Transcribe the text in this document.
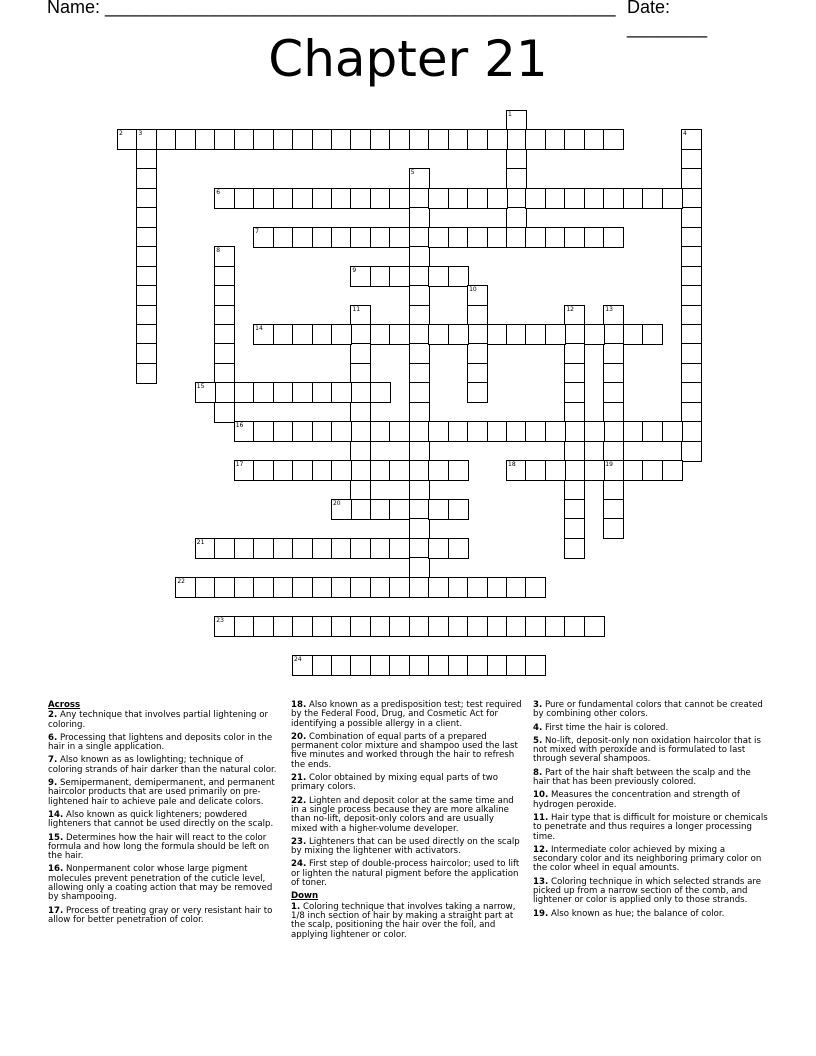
Name: ___________________________________________________ Date: ________
Chapter 21
1
2	3	4
5
6
7
8
9
10
11	12	13
19
14
15
16
17	18
20
21
22
23
24
Across
2. Any technique that involves partial lightening or coloring.
6. Processing that lightens and deposits color in the hair in a single application.
7. Also known as as lowlighting; technique of coloring strands of hair darker than the natural color.
9. Semipermanent, demipermanent, and permanent haircolor products that are used primarily on pre-lightened hair to achieve pale and delicate colors.
14. Also known as quick lighteners; powdered lighteners that cannot be used directly on the scalp.
15. Determines how the hair will react to the color formula and how long the formula should be left on the hair.
16. Nonpermanent color whose large pigment molecules prevent penetration of the cuticle level, allowing only a coating action that may be removed by shampooing.
17. Process of treating gray or very resistant hair to allow for better penetration of color.
18. Also known as a predisposition test; test required by the Federal Food, Drug, and Cosmetic Act for identifying a possible allergy in a client.
20. Combination of equal parts of a prepared permanent color mixture and shampoo used the last five minutes and worked through the hair to refresh the ends.
21. Color obtained by mixing equal parts of two primary colors.
22. Lighten and deposit color at the same time and in a single process because they are more alkaline than no-lift, deposit-only colors and are usually mixed with a higher-volume developer.
23. Lighteners that can be used directly on the scalp by mixing the lightener with activators.
24. First step of double-process haircolor; used to lift or lighten the natural pigment before the application of toner.
Down
1. Coloring technique that involves taking a narrow, 1/8 inch section of hair by making a straight part at the scalp, positioning the hair over the foil, and applying lightener or color.
3. Pure or fundamental colors that cannot be created by combining other colors.
4. First time the hair is colored.
5. No-lift, deposit-only non oxidation haircolor that is not mixed with peroxide and is formulated to last through several shampoos.
8. Part of the hair shaft between the scalp and the hair that has been previously colored.
10. Measures the concentration and strength of hydrogen peroxide.
11. Hair type that is difficult for moisture or chemicals to penetrate and thus requires a longer processing time.
12. Intermediate color achieved by mixing a secondary color and its neighboring primary color on the color wheel in equal amounts.
13. Coloring technique in which selected strands are picked up from a narrow section of the comb, and lightener or color is applied only to those strands.
19. Also known as hue; the balance of color.
